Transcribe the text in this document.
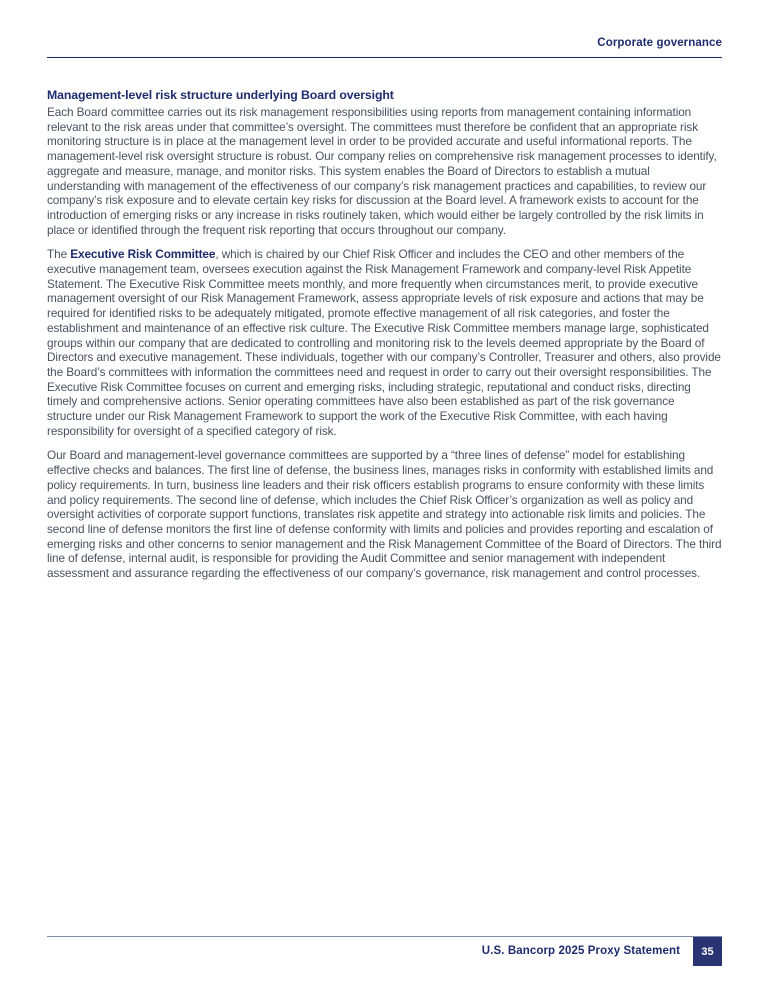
Corporate governance
Management-level risk structure underlying Board oversight

Each Board committee carries out its risk management responsibilities using reports from management containing information relevant to the risk areas under that committee’s oversight. The committees must therefore be confident that an appropriate risk monitoring structure is in place at the management level in order to be provided accurate and useful informational reports. The management-level risk oversight structure is robust. Our company relies on comprehensive risk management processes to identify, aggregate and measure, manage, and monitor risks. This system enables the Board of Directors to establish a mutual understanding with management of the effectiveness of our company’s risk management practices and capabilities, to review our company’s risk exposure and to elevate certain key risks for discussion at the Board level. A framework exists to account for the introduction of emerging risks or any increase in risks routinely taken, which would either be largely controlled by the risk limits in place or identified through the frequent risk reporting that occurs throughout our company.

The Executive Risk Committee, which is chaired by our Chief Risk Officer and includes the CEO and other members of the executive management team, oversees execution against the Risk Management Framework and company-level Risk Appetite Statement. The Executive Risk Committee meets monthly, and more frequently when circumstances merit, to provide executive management oversight of our Risk Management Framework, assess appropriate levels of risk exposure and actions that may be required for identified risks to be adequately mitigated, promote effective management of all risk categories, and foster the establishment and maintenance of an effective risk culture. The Executive Risk Committee members manage large, sophisticated groups within our company that are dedicated to controlling and monitoring risk to the levels deemed appropriate by the Board of Directors and executive management. These individuals, together with our company’s Controller, Treasurer and others, also provide the Board’s committees with information the committees need and request in order to carry out their oversight responsibilities. The Executive Risk Committee focuses on current and emerging risks, including strategic, reputational and conduct risks, directing timely and comprehensive actions. Senior operating committees have also been established as part of the risk governance structure under our Risk Management Framework to support the work of the Executive Risk Committee, with each having responsibility for oversight of a specified category of risk.

Our Board and management-level governance committees are supported by a “three lines of defense” model for establishing effective checks and balances. The first line of defense, the business lines, manages risks in conformity with established limits and policy requirements. In turn, business line leaders and their risk officers establish programs to ensure conformity with these limits and policy requirements. The second line of defense, which includes the Chief Risk Officer’s organization as well as policy and oversight activities of corporate support functions, translates risk appetite and strategy into actionable risk limits and policies. The second line of defense monitors the first line of defense conformity with limits and policies and provides reporting and escalation of emerging risks and other concerns to senior management and the Risk Management Committee of the Board of Directors. The third line of defense, internal audit, is responsible for providing the Audit Committee and senior management with independent assessment and assurance regarding the effectiveness of our company’s governance, risk management and control processes.

U.S. Bancorp 2025 Proxy Statement	35
